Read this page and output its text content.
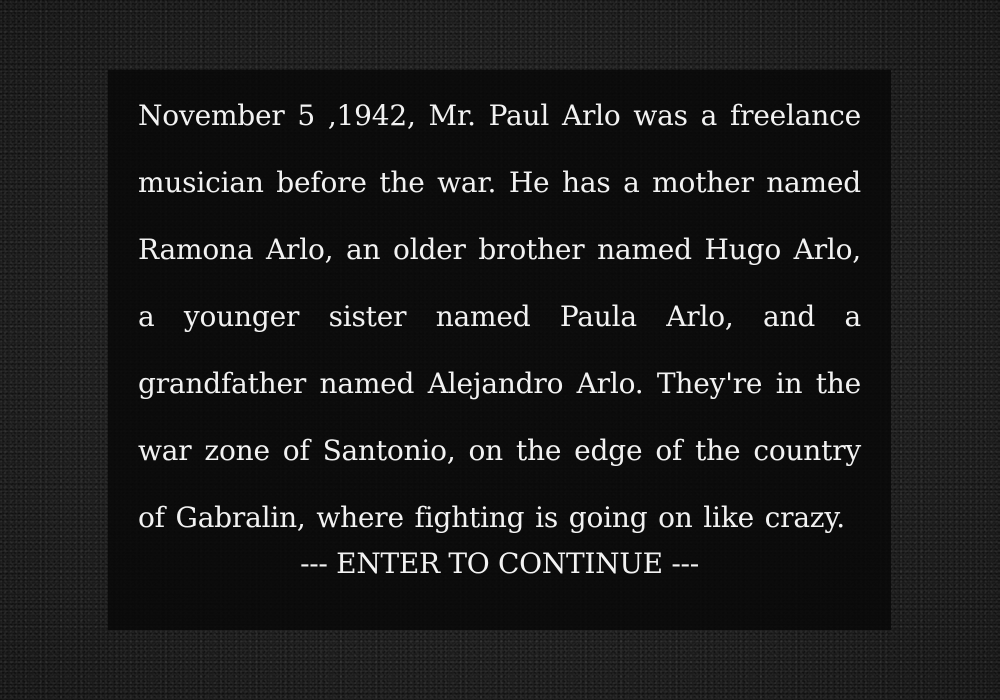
November 5 ,1942, Mr. Paul Arlo was a freelance musician before the war. He has a mother named Ramona Arlo, an older brother named Hugo Arlo, a younger sister named Paula Arlo, and a grandfather named Alejandro Arlo. They're in the war zone of Santonio, on the edge of the country of Gabralin, where fighting is going on like crazy.

--- ENTER TO CONTINUE ---
